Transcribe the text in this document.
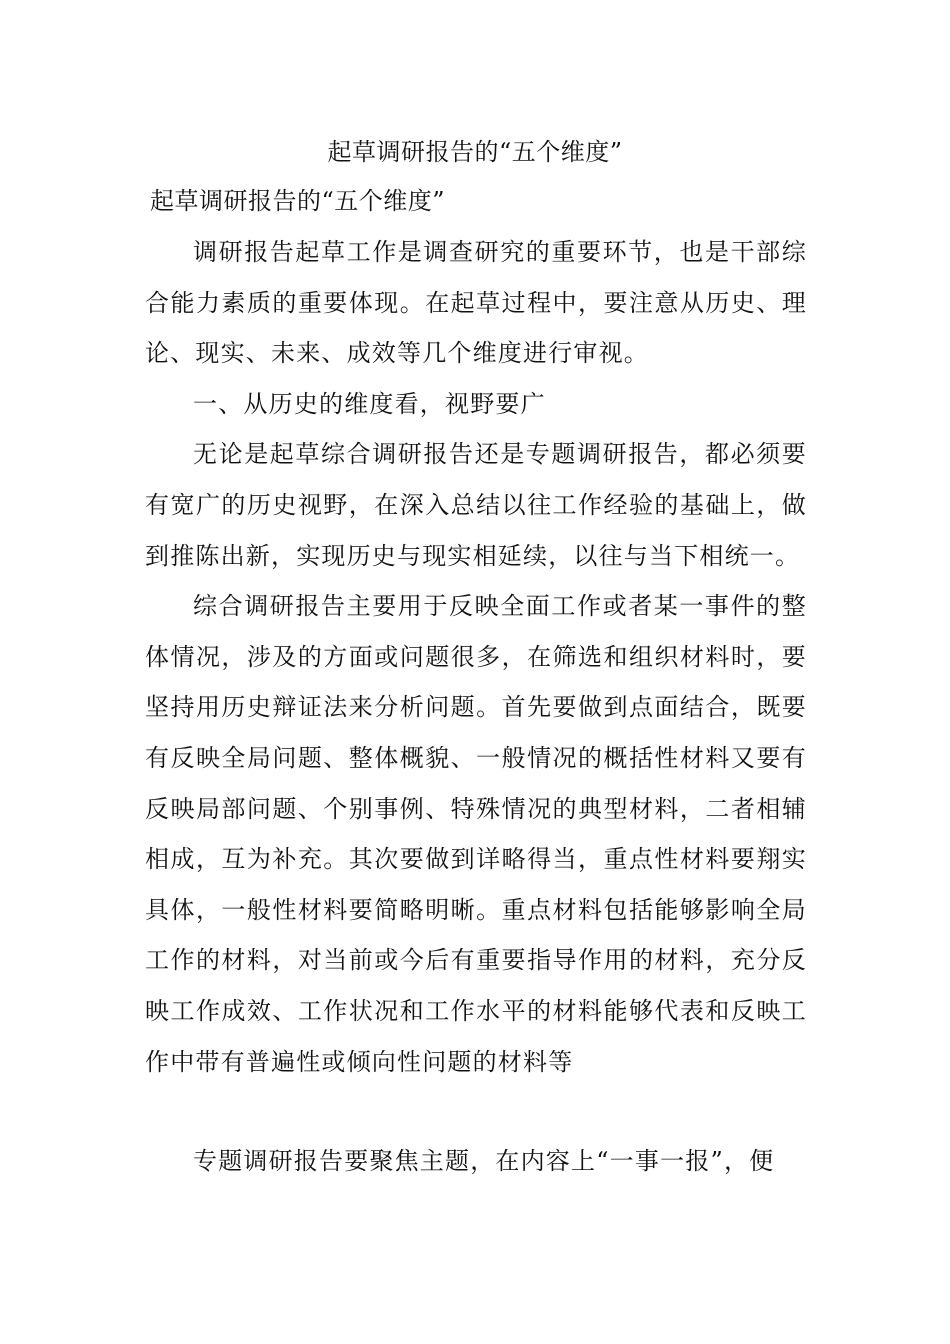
起草调研报告的“五个维度”
起草调研报告的“五个维度”

调研报告起草工作是调查研究的重要环节，也是干部综合能力素质的重要体现。在起草过程中，要注意从历史、理论、现实、未来、成效等几个维度进行审视。

一、从历史的维度看，视野要广

无论是起草综合调研报告还是专题调研报告，都必须要有宽广的历史视野，在深入总结以往工作经验的基础上，做到推陈出新，实现历史与现实相延续，以往与当下相统一。

综合调研报告主要用于反映全面工作或者某一事件的整体情况，涉及的方面或问题很多，在筛选和组织材料时，要坚持用历史辩证法来分析问题。首先要做到点面结合，既要有反映全局问题、整体概貌、一般情况的概括性材料又要有反映局部问题、个别事例、特殊情况的典型材料，二者相辅相成，互为补充。其次要做到详略得当，重点性材料要翔实具体，一般性材料要简略明晰。重点材料包括能够影响全局工作的材料，对当前或今后有重要指导作用的材料，充分反映工作成效、工作状况和工作水平的材料能够代表和反映工作中带有普遍性或倾向性问题的材料等

专题调研报告要聚焦主题，在内容上“一事一报”，便
